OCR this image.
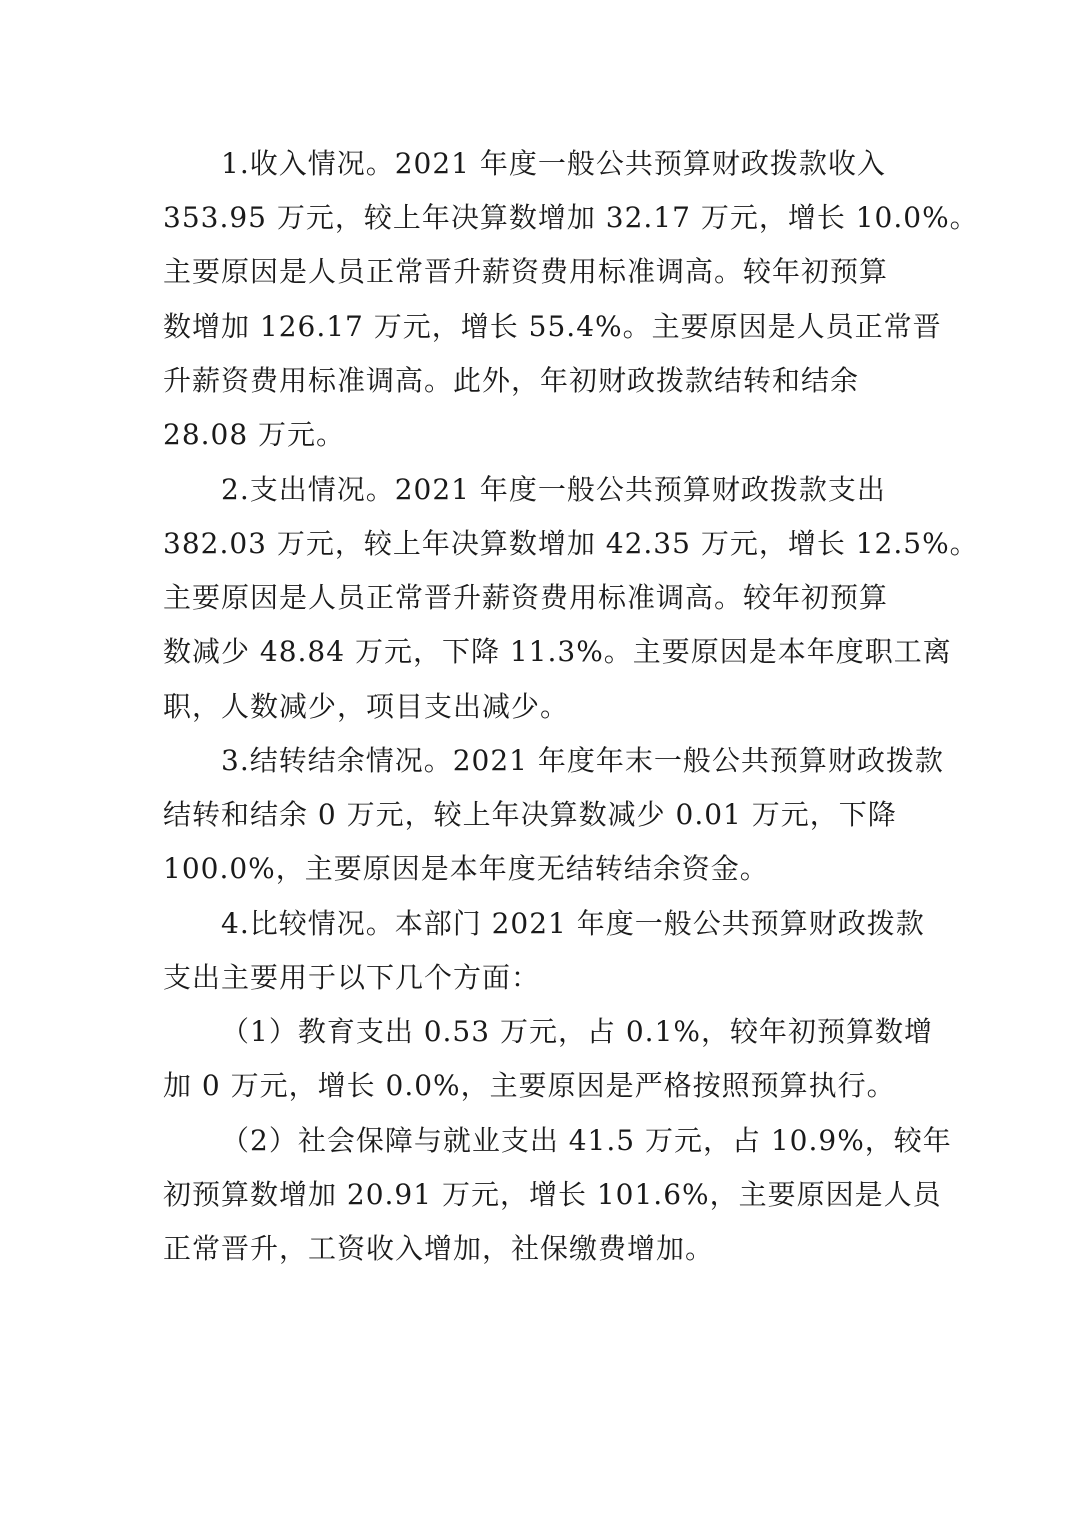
1.收入情况。2021 年度一般公共预算财政拨款收入
353.95 万元，较上年决算数增加 32.17 万元，增长 10.0%。
主要原因是人员正常晋升薪资费用标准调高。较年初预算
数增加 126.17 万元，增长 55.4%。主要原因是人员正常晋
升薪资费用标准调高。此外，年初财政拨款结转和结余
28.08 万元。
2.支出情况。2021 年度一般公共预算财政拨款支出
382.03 万元，较上年决算数增加 42.35 万元，增长 12.5%。
主要原因是人员正常晋升薪资费用标准调高。较年初预算
数减少 48.84 万元，下降 11.3%。主要原因是本年度职工离
职，人数减少，项目支出减少。
3.结转结余情况。2021 年度年末一般公共预算财政拨款
结转和结余 0 万元，较上年决算数减少 0.01 万元，下降
100.0%，主要原因是本年度无结转结余资金。
4.比较情况。本部门 2021 年度一般公共预算财政拨款
支出主要用于以下几个方面：
（1）教育支出 0.53 万元，占 0.1%，较年初预算数增
加 0 万元，增长 0.0%，主要原因是严格按照预算执行。
（2）社会保障与就业支出 41.5 万元，占 10.9%，较年
初预算数增加 20.91 万元，增长 101.6%，主要原因是人员
正常晋升，工资收入增加，社保缴费增加。
